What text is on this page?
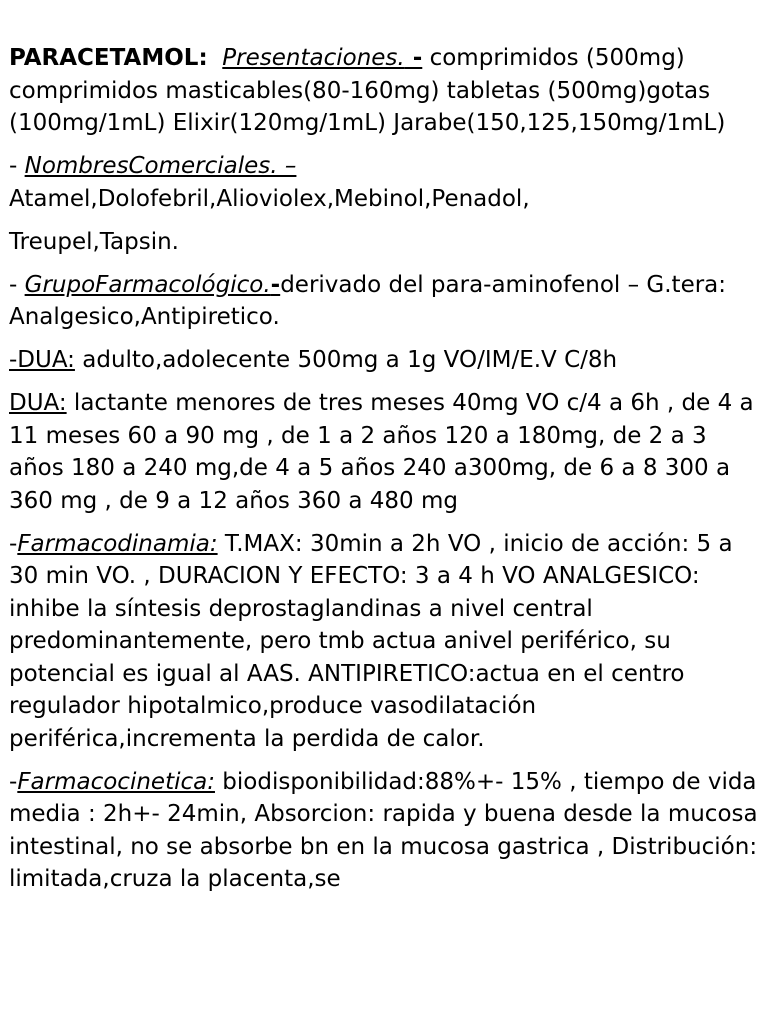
PARACETAMOL: Presentaciones. - comprimidos (500mg) comprimidos masticables(80-160mg) tabletas (500mg)gotas (100mg/1mL) Elixir(120mg/1mL) Jarabe(150,125,150mg/1mL)

- NombresComerciales. –
Atamel,Dolofebril,Alioviolex,Mebinol,Penadol,

Treupel,Tapsin.

- GrupoFarmacológico.-derivado del para-aminofenol – G.tera: Analgesico,Antipiretico.

-DUA: adulto,adolecente 500mg a 1g VO/IM/E.V C/8h

DUA: lactante menores de tres meses 40mg VO c/4 a 6h , de 4 a 11 meses 60 a 90 mg , de 1 a 2 años 120 a 180mg, de 2 a 3 años 180 a 240 mg,de 4 a 5 años 240 a300mg, de 6 a 8 300 a 360 mg , de 9 a 12 años 360 a 480 mg

-Farmacodinamia: T.MAX: 30min a 2h VO , inicio de acción: 5 a 30 min VO. , DURACION Y EFECTO: 3 a 4 h VO ANALGESICO: inhibe la síntesis deprostaglandinas a nivel central predominantemente, pero tmb actua anivel periférico, su potencial es igual al AAS. ANTIPIRETICO:actua en el centro regulador hipotalmico,produce vasodilatación periférica,incrementa la perdida de calor.

-Farmacocinetica: biodisponibilidad:88%+- 15% , tiempo de vida media : 2h+- 24min, Absorcion: rapida y buena desde la mucosa intestinal, no se absorbe bn en la mucosa gastrica , Distribución: limitada,cruza la placenta,se
